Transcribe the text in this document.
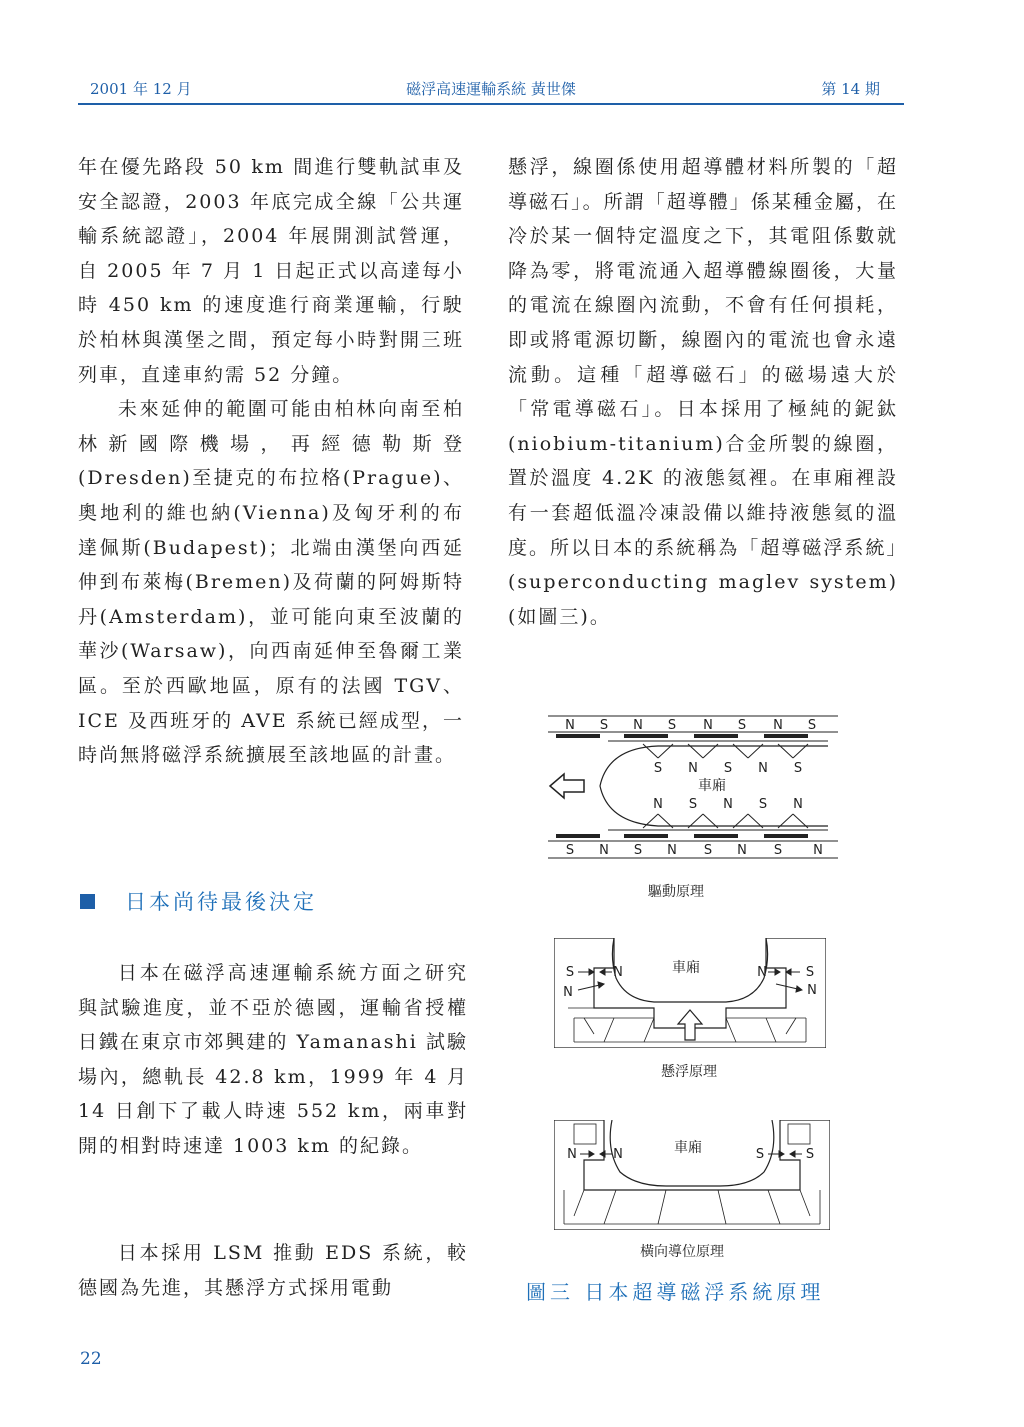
2001 年 12 月	磁浮高速運輸系統 黃世傑	第 14 期

年在優先路段 50 km 間進行雙軌試車及安全認證，2003 年底完成全線「公共運輸系統認證」，2004 年展開測試營運，自 2005 年 7 月 1 日起正式以高達每小時 450 km 的速度進行商業運輸，行駛於柏林與漢堡之間，預定每小時對開三班列車，直達車約需 52 分鐘。

未來延伸的範圍可能由柏林向南至柏林新國際機場，再經德勒斯登(Dresden)至捷克的布拉格(Prague)、奧地利的維也納(Vienna)及匈牙利的布達佩斯(Budapest)；北端由漢堡向西延伸到布萊梅(Bremen)及荷蘭的阿姆斯特丹(Amsterdam)，並可能向東至波蘭的華沙(Warsaw)，向西南延伸至魯爾工業區。至於西歐地區，原有的法國 TGV、ICE 及西班牙的 AVE 系統已經成型，一時尚無將磁浮系統擴展至該地區的計畫。

日本尚待最後決定

日本在磁浮高速運輸系統方面之研究與試驗進度，並不亞於德國，運輸省授權日鐵在東京市郊興建的 Yamanashi 試驗場內，總軌長 42.8 km，1999 年 4 月 14 日創下了載人時速 552 km，兩車對開的相對時速達 1003 km 的紀錄。

日本採用 LSM 推動 EDS 系統，較德國為先進，其懸浮方式採用電動

懸浮，線圈係使用超導體材料所製的「超導磁石」。所謂「超導體」係某種金屬，在冷於某一個特定溫度之下，其電阻係數就降為零，將電流通入超導體線圈後，大量的電流在線圈內流動，不會有任何損耗，即或將電源切斷，線圈內的電流也會永遠流動。這種「超導磁石」的磁場遠大於「常電導磁石」。日本採用了極純的鈮鈦(niobium-titanium)合金所製的線圈，置於溫度 4.2K 的液態氦裡。在車廂裡設有一套超低溫冷凍設備以維持液態氦的溫度。所以日本的系統稱為「超導磁浮系統」(superconducting maglev system)(如圖三)。

N S N S N S N S
S N S N S
N S N S N
車廂
S N S N S N S N
驅動原理
車廂
S	N
N
N	S
N
懸浮原理
車廂
N	N	S	S
橫向導位原理
圖三 日本超導磁浮系統原理
22
